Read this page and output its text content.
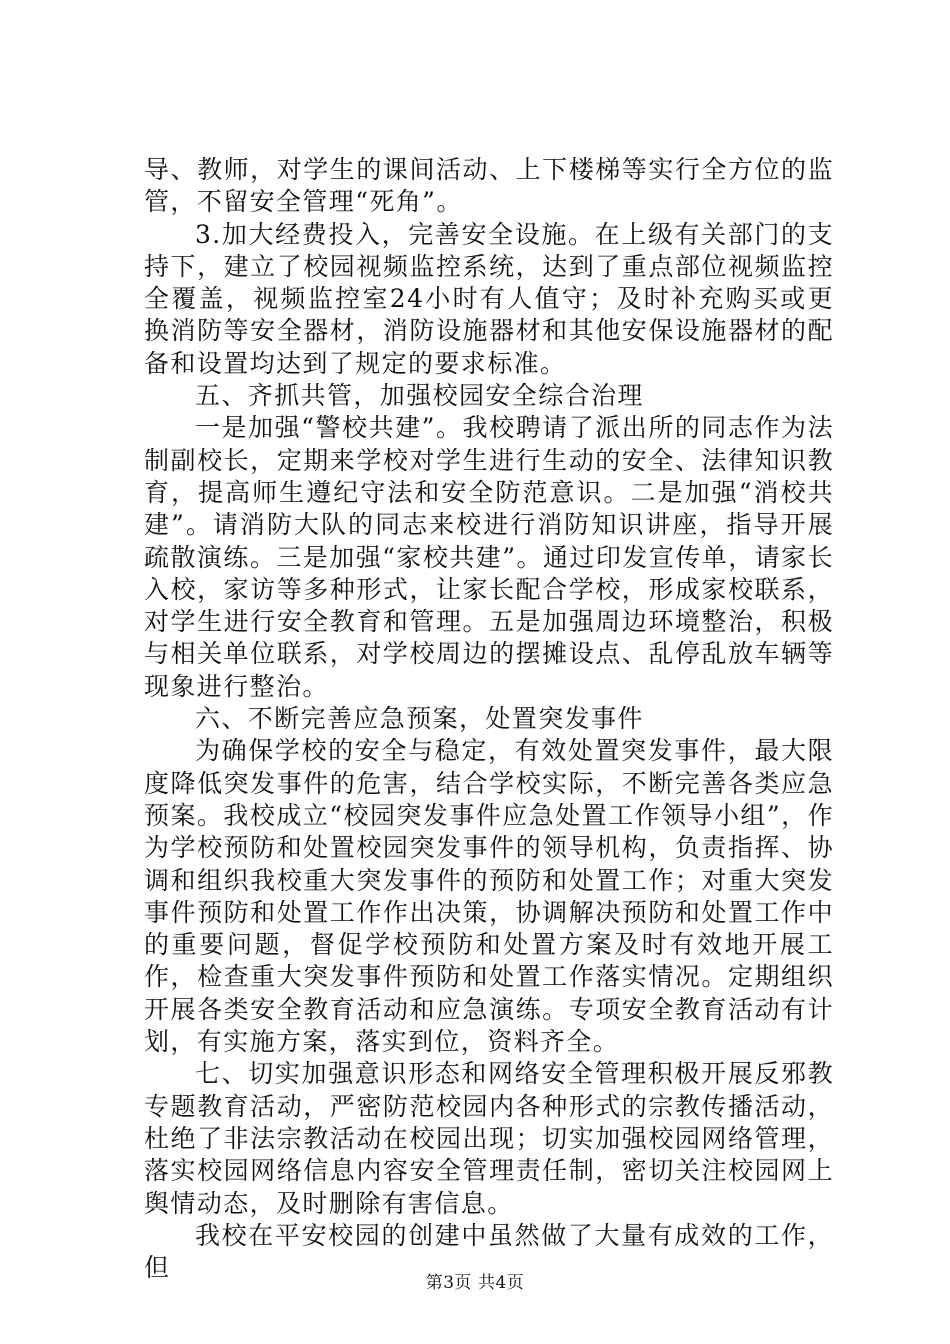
导、教师，对学生的课间活动、上下楼梯等实行全方位的监管，不留安全管理“死角”。

3.加大经费投入，完善安全设施。在上级有关部门的支持下，建立了校园视频监控系统，达到了重点部位视频监控全覆盖，视频监控室24小时有人值守；及时补充购买或更换消防等安全器材，消防设施器材和其他安保设施器材的配备和设置均达到了规定的要求标准。

五、齐抓共管，加强校园安全综合治理

一是加强“警校共建”。我校聘请了派出所的同志作为法制副校长，定期来学校对学生进行生动的安全、法律知识教育，提高师生遵纪守法和安全防范意识。二是加强“消校共建”。请消防大队的同志来校进行消防知识讲座，指导开展疏散演练。三是加强“家校共建”。通过印发宣传单，请家长入校，家访等多种形式，让家长配合学校，形成家校联系，对学生进行安全教育和管理。五是加强周边环境整治，积极与相关单位联系，对学校周边的摆摊设点、乱停乱放车辆等现象进行整治。

六、不断完善应急预案，处置突发事件

为确保学校的安全与稳定，有效处置突发事件，最大限度降低突发事件的危害，结合学校实际，不断完善各类应急预案。我校成立“校园突发事件应急处置工作领导小组”，作为学校预防和处置校园突发事件的领导机构，负责指挥、协调和组织我校重大突发事件的预防和处置工作；对重大突发事件预防和处置工作作出决策，协调解决预防和处置工作中的重要问题，督促学校预防和处置方案及时有效地开展工作，检查重大突发事件预防和处置工作落实情况。定期组织开展各类安全教育活动和应急演练。专项安全教育活动有计划，有实施方案，落实到位，资料齐全。

七、切实加强意识形态和网络安全管理积极开展反邪教专题教育活动，严密防范校园内各种形式的宗教传播活动，杜绝了非法宗教活动在校园出现；切实加强校园网络管理，落实校园网络信息内容安全管理责任制，密切关注校园网上舆情动态，及时删除有害信息。

我校在平安校园的创建中虽然做了大量有成效的工作，但

第3页 共4页
